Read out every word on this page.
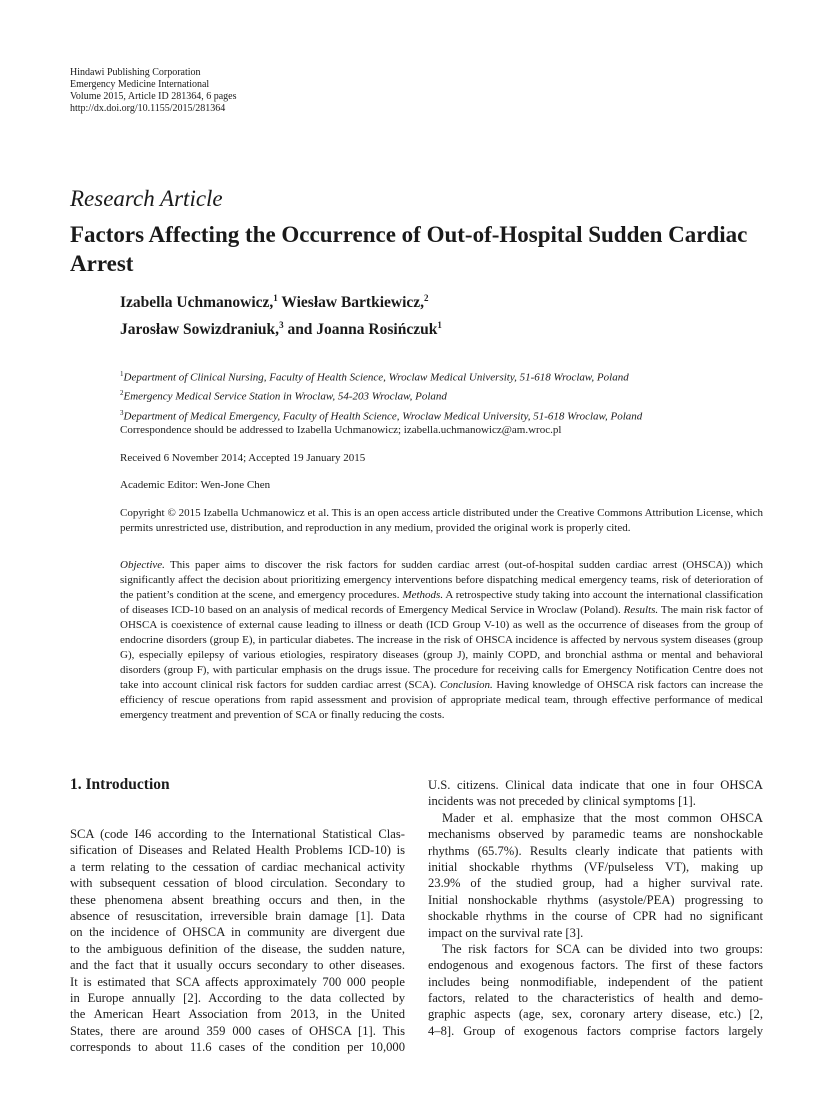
Hindawi Publishing Corporation
Emergency Medicine International
Volume 2015, Article ID 281364, 6 pages
http://dx.doi.org/10.1155/2015/281364
Research Article
Factors Affecting the Occurrence of Out-of-Hospital Sudden Cardiac Arrest
Izabella Uchmanowicz,$^1$ Wiesław Bartkiewicz,$^2$
Jarosław Sowizdraniuk,$^3$ and Joanna Rosińczuk$^1$
$^1$Department of Clinical Nursing, Faculty of Health Science, Wroclaw Medical University, 51-618 Wroclaw, Poland
$^2$Emergency Medical Service Station in Wroclaw, 54-203 Wroclaw, Poland
$^3$Department of Medical Emergency, Faculty of Health Science, Wroclaw Medical University, 51-618 Wroclaw, Poland
Correspondence should be addressed to Izabella Uchmanowicz; izabella.uchmanowicz@am.wroc.pl
Received 6 November 2014; Accepted 19 January 2015
Academic Editor: Wen-Jone Chen
Copyright © 2015 Izabella Uchmanowicz et al. This is an open access article distributed under the Creative Commons Attribution License, which permits unrestricted use, distribution, and reproduction in any medium, provided the original work is properly cited.
Objective. This paper aims to discover the risk factors for sudden cardiac arrest (out-of-hospital sudden cardiac arrest (OHSCA)) which significantly affect the decision about prioritizing emergency interventions before dispatching medical emergency teams, risk of deterioration of the patient’s condition at the scene, and emergency procedures. Methods. A retrospective study taking into account the international classification of diseases ICD-10 based on an analysis of medical records of Emergency Medical Service in Wroclaw (Poland). Results. The main risk factor of OHSCA is coexistence of external cause leading to illness or death (ICD Group V-10) as well as the occurrence of diseases from the group of endocrine disorders (group E), in particular diabetes. The increase in the risk of OHSCA incidence is affected by nervous system diseases (group G), especially epilepsy of various etiologies, respiratory diseases (group J), mainly COPD, and bronchial asthma or mental and behavioral disorders (group F), with particular emphasis on the drugs issue. The procedure for receiving calls for Emergency Notification Centre does not take into account clinical risk factors for sudden cardiac arrest (SCA). Conclusion. Having knowledge of OHSCA risk factors can increase the efficiency of rescue operations from rapid assessment and provision of appropriate medical team, through effective performance of medical emergency treatment and prevention of SCA or finally reducing the costs.
1. Introduction
SCA (code I46 according to the International Statistical Clas-
sification of Diseases and Related Health Problems ICD-10) is
a term relating to the cessation of cardiac mechanical activity
with subsequent cessation of blood circulation. Secondary to
these phenomena absent breathing occurs and then, in the
absence of resuscitation, irreversible brain damage [1]. Data
on the incidence of OHSCA in community are divergent due
to the ambiguous definition of the disease, the sudden nature,
and the fact that it usually occurs secondary to other diseases.
It is estimated that SCA affects approximately 700 000 people
in Europe annually [2]. According to the data collected by
the American Heart Association from 2013, in the United
States, there are around 359 000 cases of OHSCA [1]. This
corresponds to about 11.6 cases of the condition per 10,000
U.S. citizens. Clinical data indicate that one in four OHSCA
incidents was not preceded by clinical symptoms [1].
Mader et al. emphasize that the most common OHSCA
mechanisms observed by paramedic teams are nonshockable
rhythms (65.7%). Results clearly indicate that patients with
initial shockable rhythms (VF/pulseless VT), making up
23.9% of the studied group, had a higher survival rate.
Initial nonshockable rhythms (asystole/PEA) progressing to
shockable rhythms in the course of CPR had no significant
impact on the survival rate [3].
The risk factors for SCA can be divided into two groups:
endogenous and exogenous factors. The first of these factors
includes being nonmodifiable, independent of the patient
factors, related to the characteristics of health and demo-
graphic aspects (age, sex, coronary artery disease, etc.) [2,
4–8]. Group of exogenous factors comprise factors largely
